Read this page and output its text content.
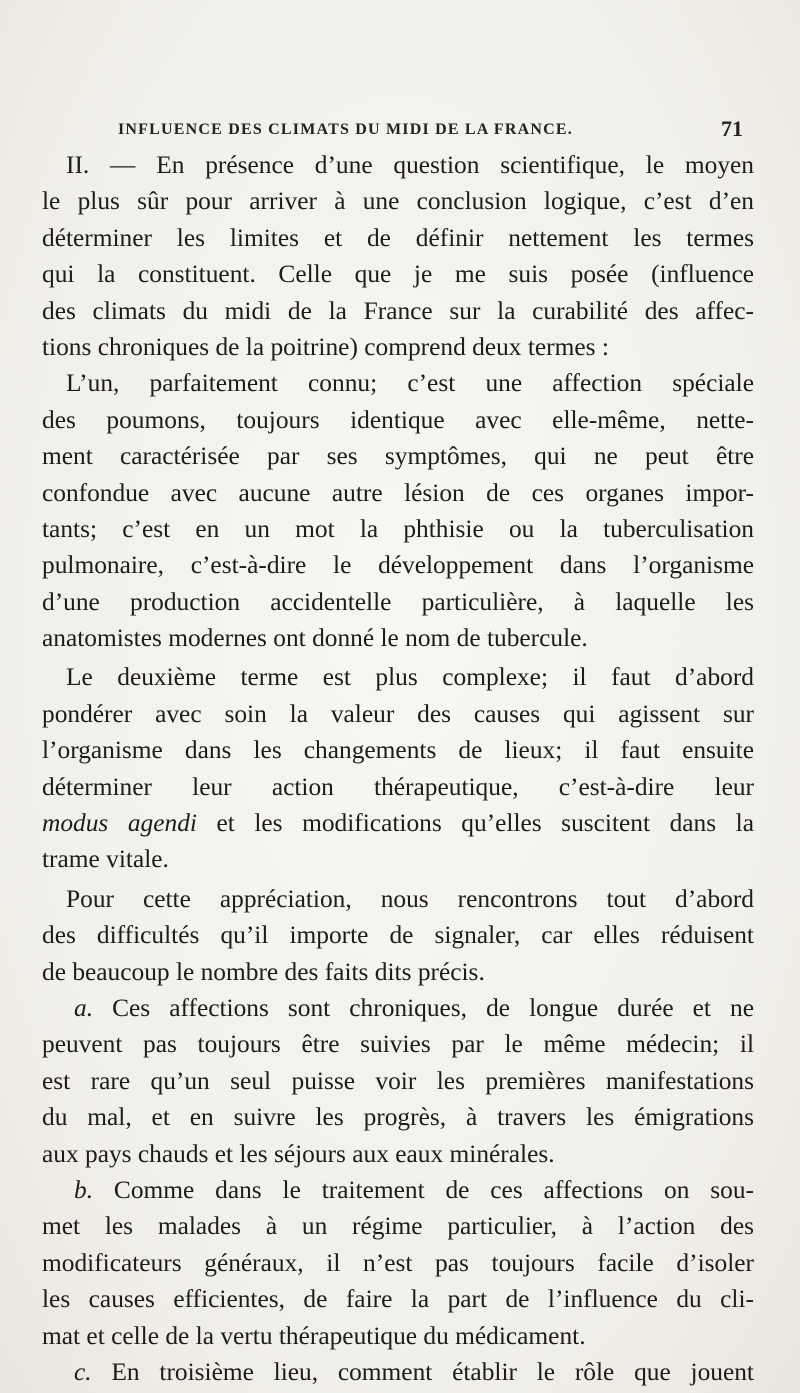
INFLUENCE DES CLIMATS DU MIDI DE LA FRANCE.	71
II. — En présence d’une question scientifique, le moyen
le plus sûr pour arriver à une conclusion logique, c’est d’en
déterminer les limites et de définir nettement les termes
qui la constituent. Celle que je me suis posée (influence
des climats du midi de la France sur la curabilité des affec-
tions chroniques de la poitrine) comprend deux termes :
L’un, parfaitement connu; c’est une affection spéciale
des poumons, toujours identique avec elle-même, nette-
ment caractérisée par ses symptômes, qui ne peut être
confondue avec aucune autre lésion de ces organes impor-
tants; c’est en un mot la phthisie ou la tuberculisation
pulmonaire, c’est-à-dire le développement dans l’organisme
d’une production accidentelle particulière, à laquelle les
anatomistes modernes ont donné le nom de tubercule.
Le deuxième terme est plus complexe; il faut d’abord
pondérer avec soin la valeur des causes qui agissent sur
l’organisme dans les changements de lieux; il faut ensuite
déterminer leur action thérapeutique, c’est-à-dire leur
modus agendi et les modifications qu’elles suscitent dans la
trame vitale.
Pour cette appréciation, nous rencontrons tout d’abord
des difficultés qu’il importe de signaler, car elles réduisent
de beaucoup le nombre des faits dits précis.
a. Ces affections sont chroniques, de longue durée et ne
peuvent pas toujours être suivies par le même médecin; il
est rare qu’un seul puisse voir les premières manifestations
du mal, et en suivre les progrès, à travers les émigrations
aux pays chauds et les séjours aux eaux minérales.
b. Comme dans le traitement de ces affections on sou-
met les malades à un régime particulier, à l’action des
modificateurs généraux, il n’est pas toujours facile d’isoler
les causes efficientes, de faire la part de l’influence du cli-
mat et celle de la vertu thérapeutique du médicament.
c. En troisième lieu, comment établir le rôle que jouent
